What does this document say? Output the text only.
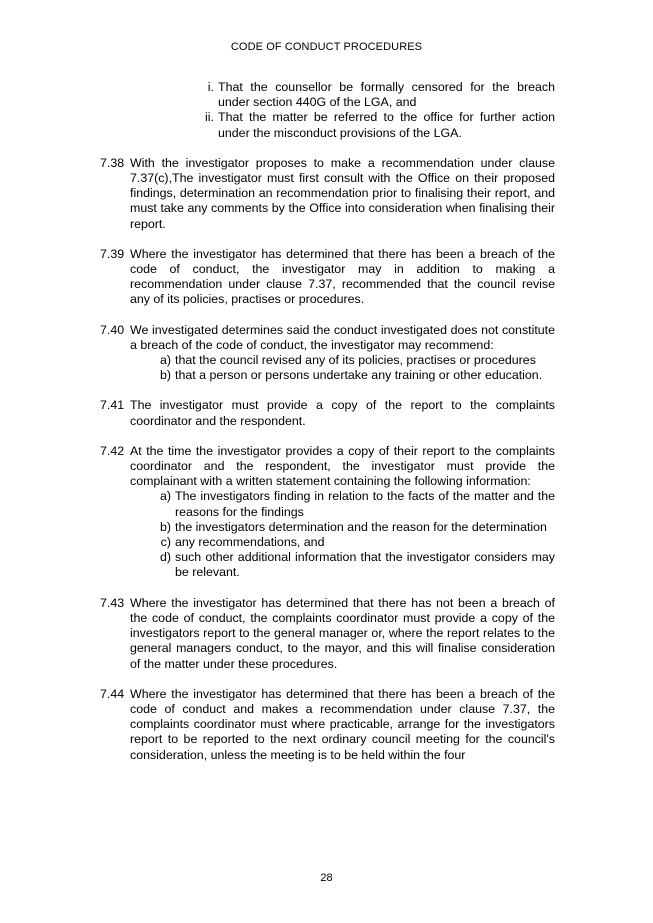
CODE OF CONDUCT PROCEDURES
i. That the counsellor be formally censored for the breach under section 440G of the LGA, and
ii. That the matter be referred to the office for further action under the misconduct provisions of the LGA.
7.38 With the investigator proposes to make a recommendation under clause 7.37(c),The investigator must first consult with the Office on their proposed findings, determination an recommendation prior to finalising their report, and must take any comments by the Office into consideration when finalising their report.

7.39 Where the investigator has determined that there has been a breach of the code of conduct, the investigator may in addition to making a recommendation under clause 7.37, recommended that the council revise any of its policies, practises or procedures.

7.40 We investigated determines said the conduct investigated does not constitute a breach of the code of conduct, the investigator may recommend:

a) that the council revised any of its policies, practises or procedures
b) that a person or persons undertake any training or other education.
7.41 The investigator must provide a copy of the report to the complaints coordinator and the respondent.

7.42 At the time the investigator provides a copy of their report to the complaints coordinator and the respondent, the investigator must provide the complainant with a written statement containing the following information:

a) The investigators finding in relation to the facts of the matter and the reasons for the findings
b) the investigators determination and the reason for the determination
c) any recommendations, and
d) such other additional information that the investigator considers may be relevant.
7.43 Where the investigator has determined that there has not been a breach of the code of conduct, the complaints coordinator must provide a copy of the investigators report to the general manager or, where the report relates to the general managers conduct, to the mayor, and this will finalise consideration of the matter under these procedures.

7.44 Where the investigator has determined that there has been a breach of the code of conduct and makes a recommendation under clause 7.37, the complaints coordinator must where practicable, arrange for the investigators report to be reported to the next ordinary council meeting for the council's consideration, unless the meeting is to be held within the four

28
